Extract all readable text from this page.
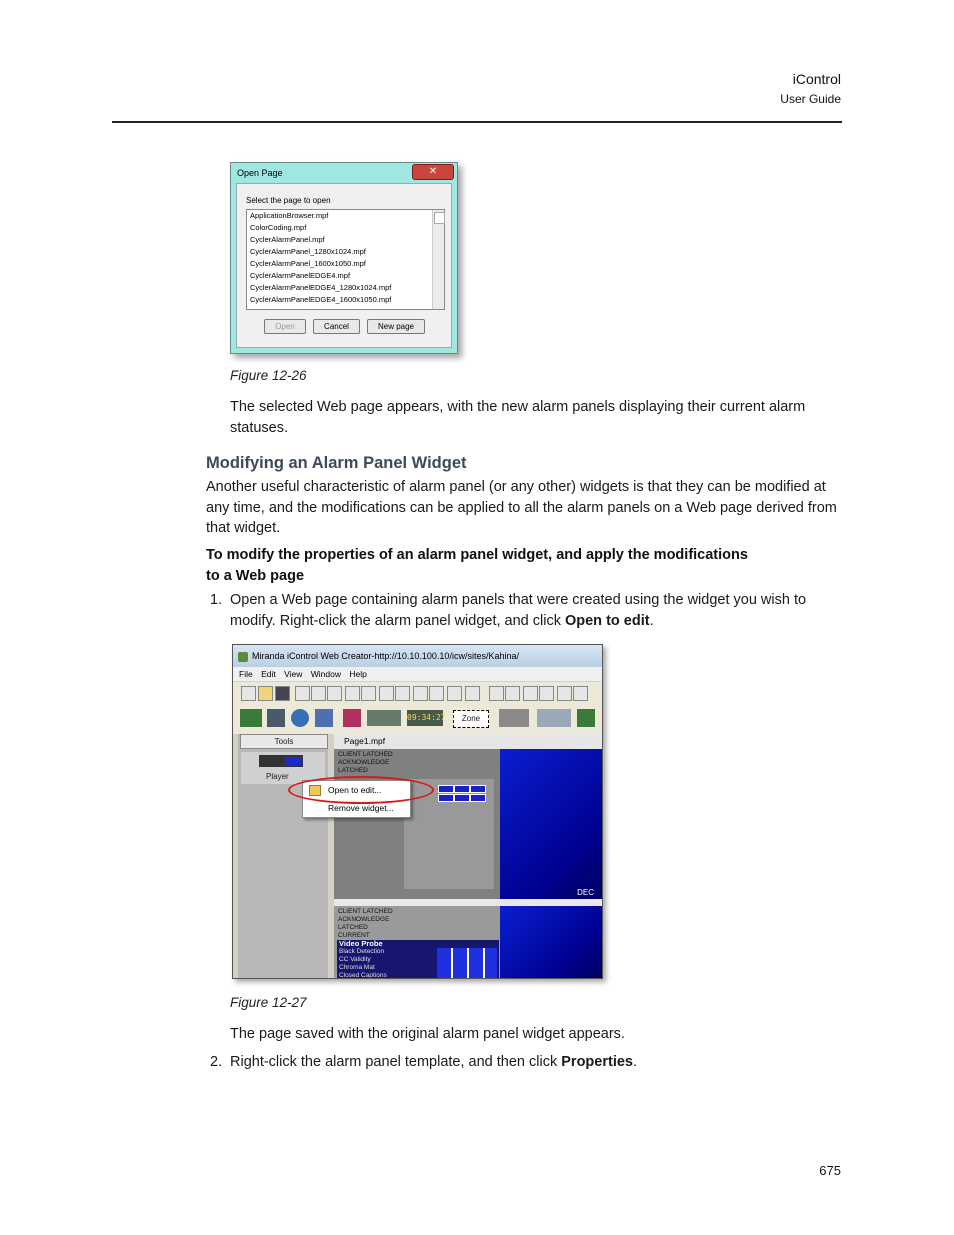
iControl
User Guide
Open Page	✕
Select the page to open
ApplicationBrowser.mpf
ColorCoding.mpf
CyclerAlarmPanel.mpf
CyclerAlarmPanel_1280x1024.mpf
CyclerAlarmPanel_1600x1050.mpf
CyclerAlarmPanelEDGE4.mpf
CyclerAlarmPanelEDGE4_1280x1024.mpf
CyclerAlarmPanelEDGE4_1600x1050.mpf
Open	Cancel	New page
Figure 12-26
The selected Web page appears, with the new alarm panels displaying their current alarm statuses.
Modifying an Alarm Panel Widget
Another useful characteristic of alarm panel (or any other) widgets is that they can be modified at any time, and the modifications can be applied to all the alarm panels on a Web page derived from that widget.
To modify the properties of an alarm panel widget, and apply the modifications
to a Web page
1. Open a Web page containing alarm panels that were created using the widget you wish to modify. Right-click the alarm panel widget, and click Open to edit.
Miranda iControl Web Creator-http://10.10.100.10/icw/sites/Kahina/
File Edit View Window Help
09:34:27	Zone
Tools
Player
Page1.mpf
CLIENT LATCHED
ACKNOWLEDGE
LATCHED
DEC
CLIENT LATCHED
ACKNOWLEDGE
LATCHED
CURRENT
Video Probe
Black Detection
CC Validity
Chroma Mat
Closed Captions
Open to edit...
Remove widget...
Figure 12-27
The page saved with the original alarm panel widget appears.
2. Right-click the alarm panel template, and then click Properties.
675
